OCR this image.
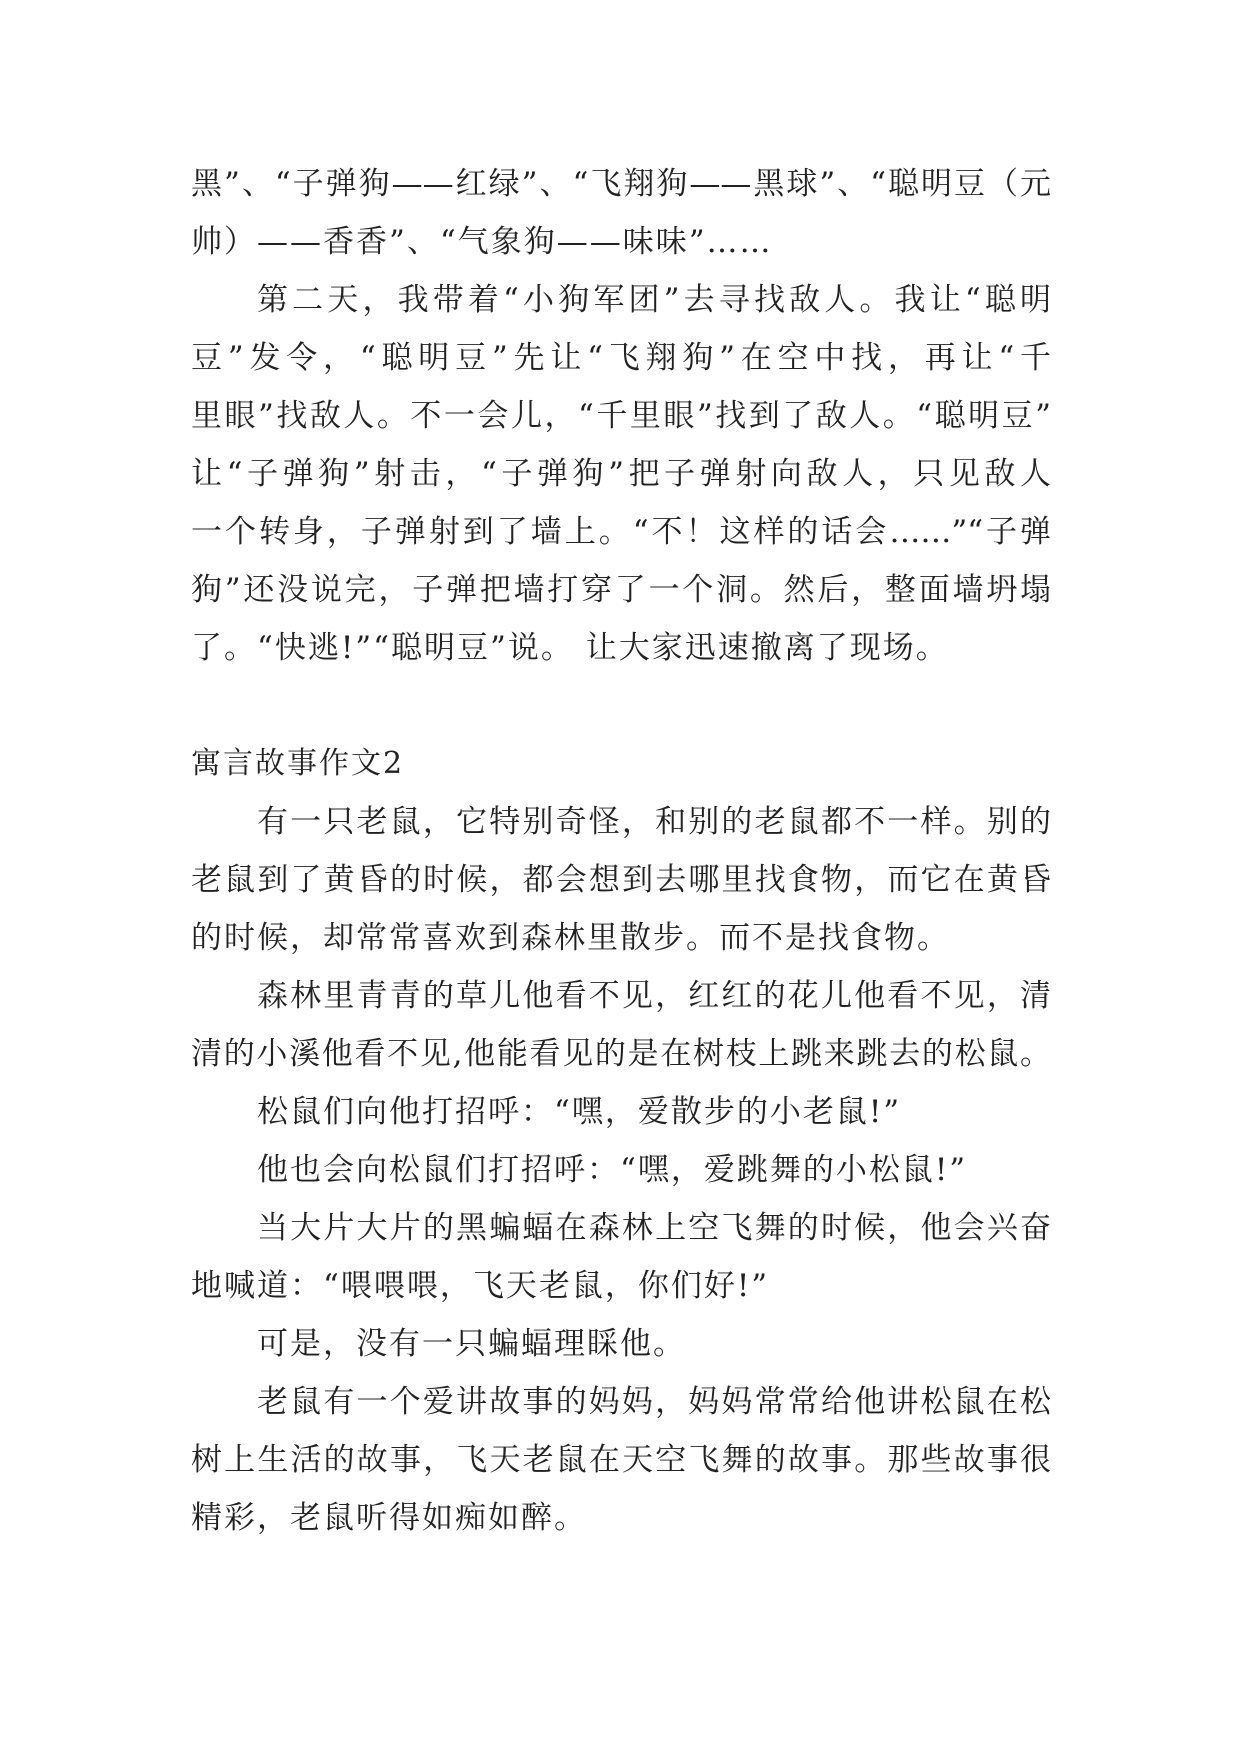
黑”、“子弹狗——红绿”、“飞翔狗——黑球”、“聪明豆（元
帅）——香香”、“气象狗——味味”……
第二天，我带着“小狗军团”去寻找敌人。我让“聪明
豆”发令，“聪明豆”先让“飞翔狗”在空中找，再让“千
里眼”找敌人。不一会儿，“千里眼”找到了敌人。“聪明豆”
让“子弹狗”射击，“子弹狗”把子弹射向敌人，只见敌人
一个转身，子弹射到了墙上。“不！这样的话会……”“子弹
狗”还没说完，子弹把墙打穿了一个洞。然后，整面墙坍塌
了。“快逃!”“聪明豆”说。 让大家迅速撤离了现场。
寓言故事作文2
有一只老鼠，它特别奇怪，和别的老鼠都不一样。别的
老鼠到了黄昏的时候，都会想到去哪里找食物，而它在黄昏
的时候，却常常喜欢到森林里散步。而不是找食物。
森林里青青的草儿他看不见，红红的花儿他看不见，清
清的小溪他看不见,他能看见的是在树枝上跳来跳去的松鼠。
松鼠们向他打招呼：“嘿，爱散步的小老鼠!”
他也会向松鼠们打招呼：“嘿，爱跳舞的小松鼠!”
当大片大片的黑蝙蝠在森林上空飞舞的时候，他会兴奋
地喊道：“喂喂喂，飞天老鼠，你们好!”
可是，没有一只蝙蝠理睬他。
老鼠有一个爱讲故事的妈妈，妈妈常常给他讲松鼠在松
树上生活的故事，飞天老鼠在天空飞舞的故事。那些故事很
精彩，老鼠听得如痴如醉。
